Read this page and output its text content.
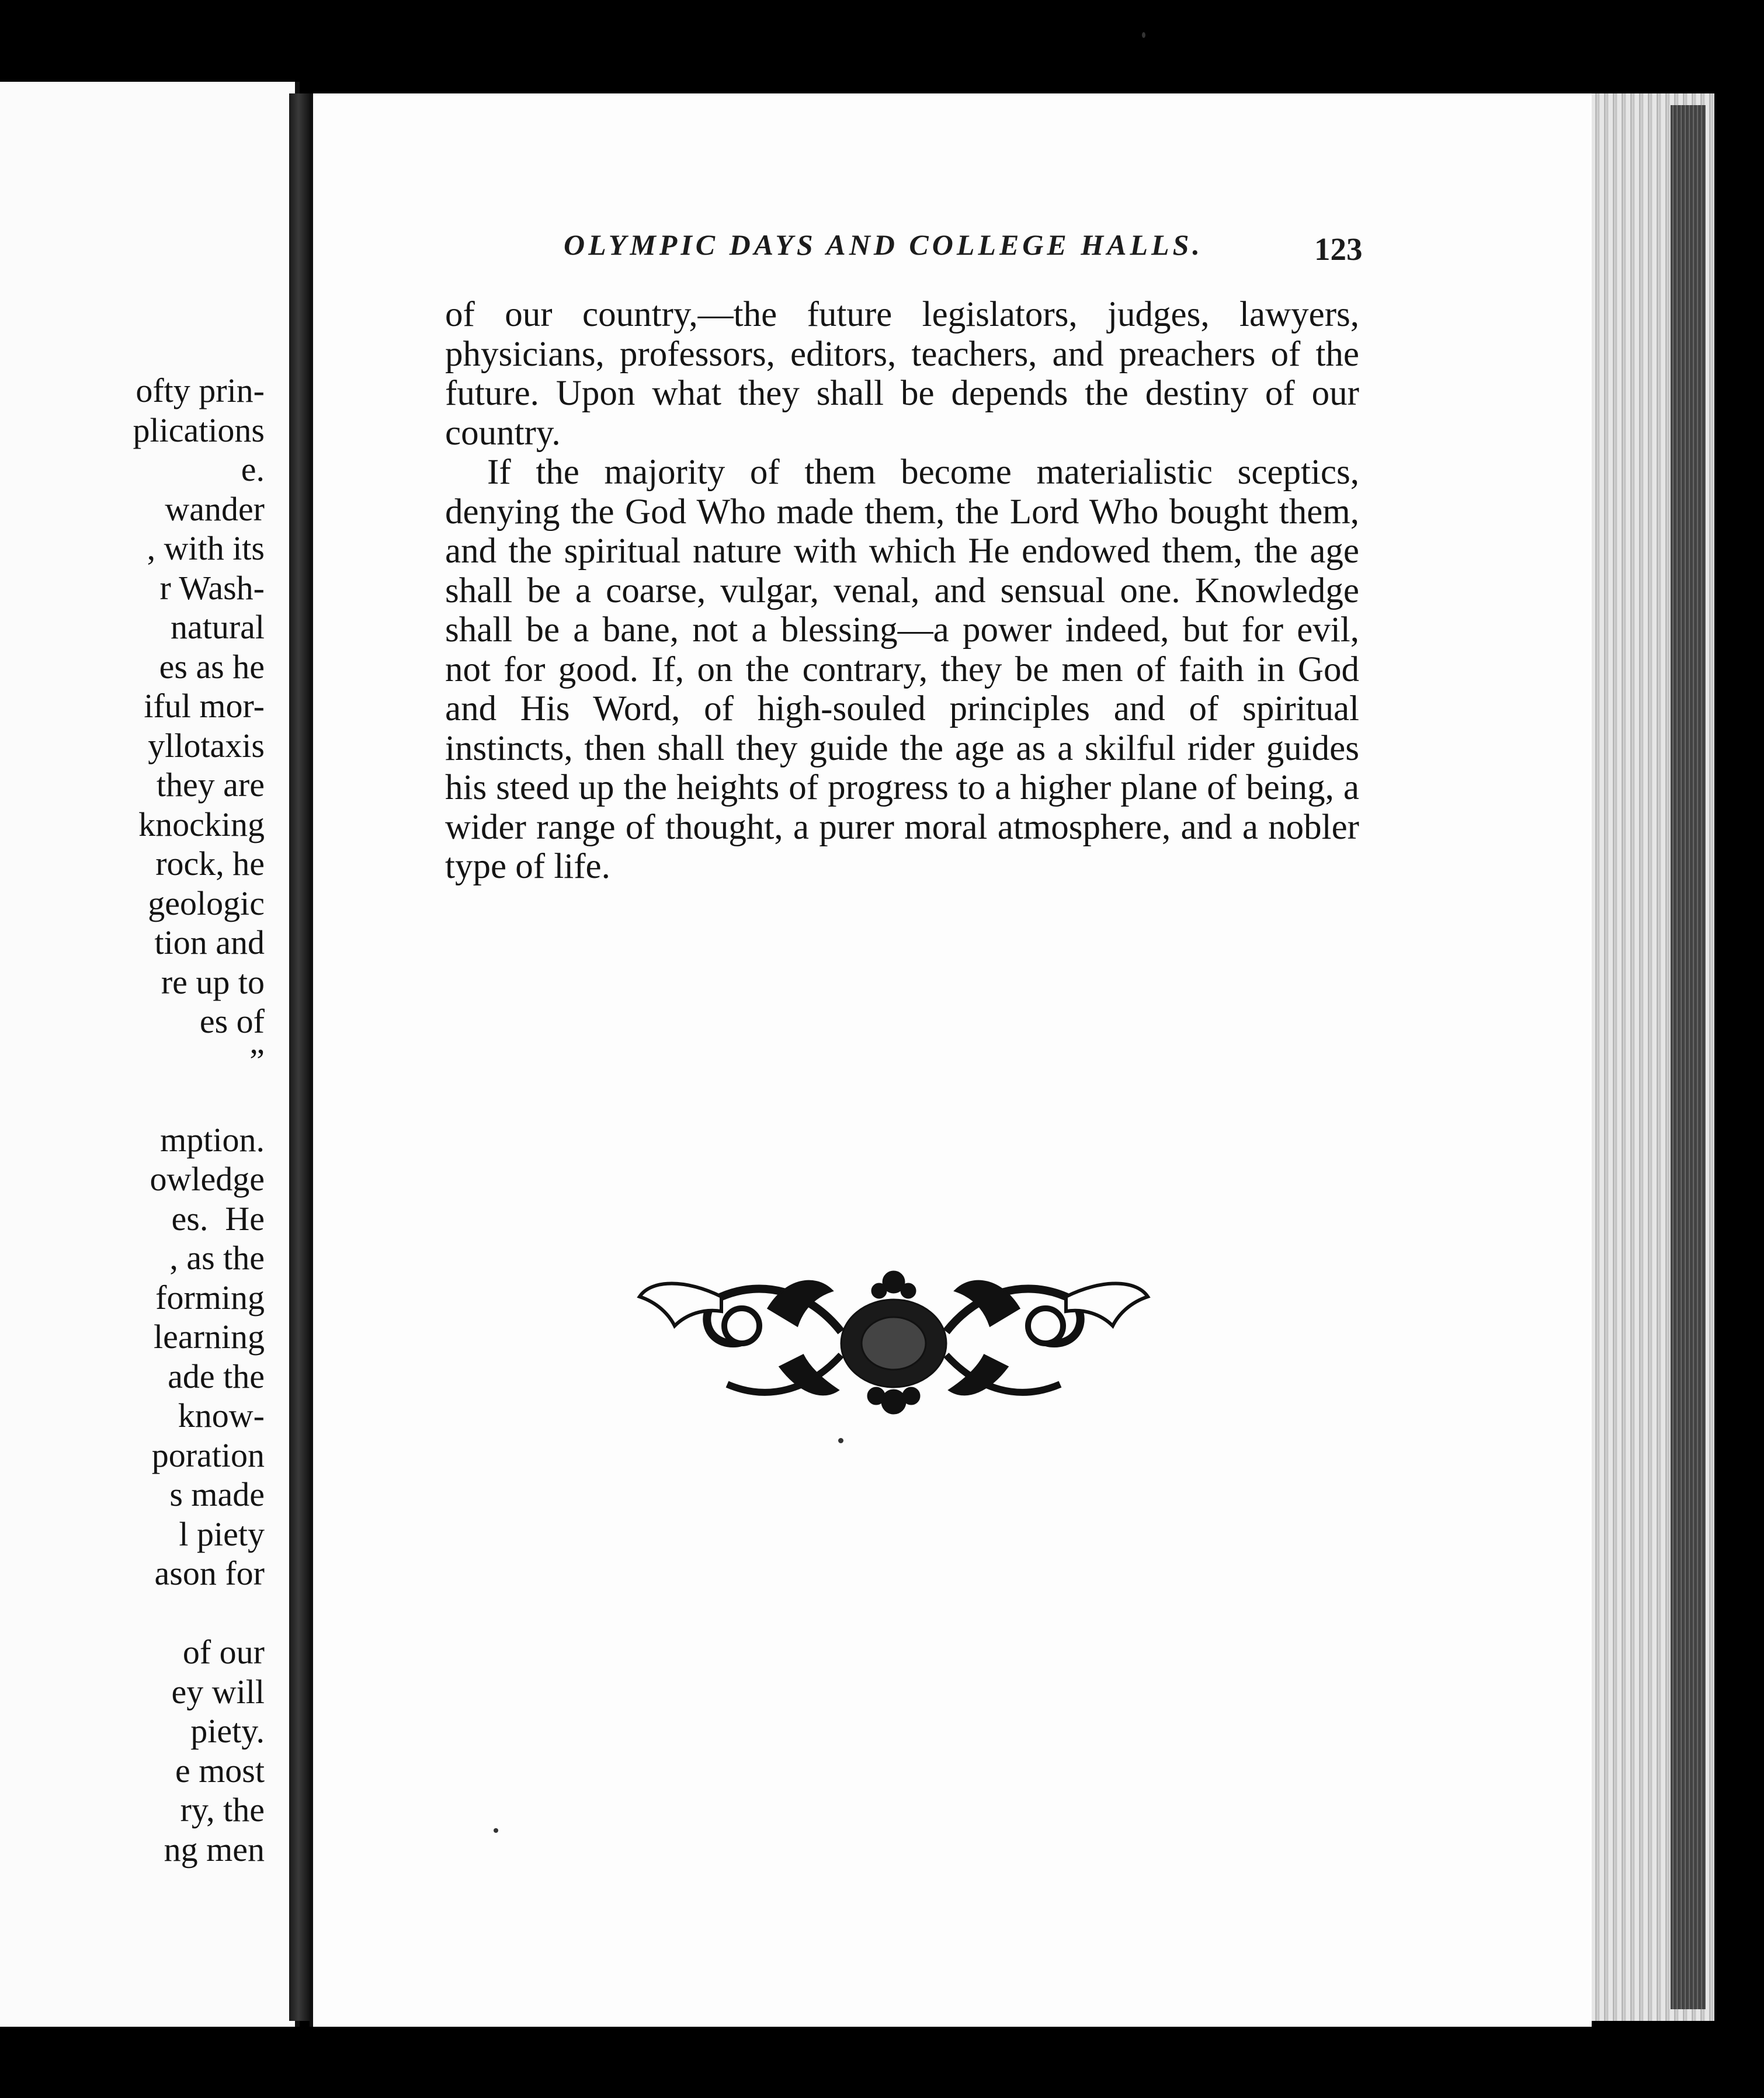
ofty prin-
plications
e.
wander
, with its
r Wash-
natural
es as he
iful mor-
yllotaxis
they are
knocking
rock, he
geologic
tion and
re up to
es of
”

mption.
owledge
es.  He
, as the
forming
learning
ade the
know-
poration
s made
l piety
ason for

of our
ey will
piety.
e most
ry, the
ng men
OLYMPIC DAYS AND COLLEGE HALLS.	123

of our country,—the future legislators, judges, lawyers, physicians, professors, editors, teachers, and preachers of the future. Upon what they shall be depends the destiny of our country.

If the majority of them become materialistic sceptics, denying the God Who made them, the Lord Who bought them, and the spiritual nature with which He endowed them, the age shall be a coarse, vulgar, venal, and sensual one. Knowledge shall be a bane, not a blessing—a power indeed, but for evil, not for good. If, on the contrary, they be men of faith in God and His Word, of high-souled principles and of spiritual instincts, then shall they guide the age as a skilful rider guides his steed up the heights of progress to a higher plane of being, a wider range of thought, a purer moral atmosphere, and a nobler type of life.
